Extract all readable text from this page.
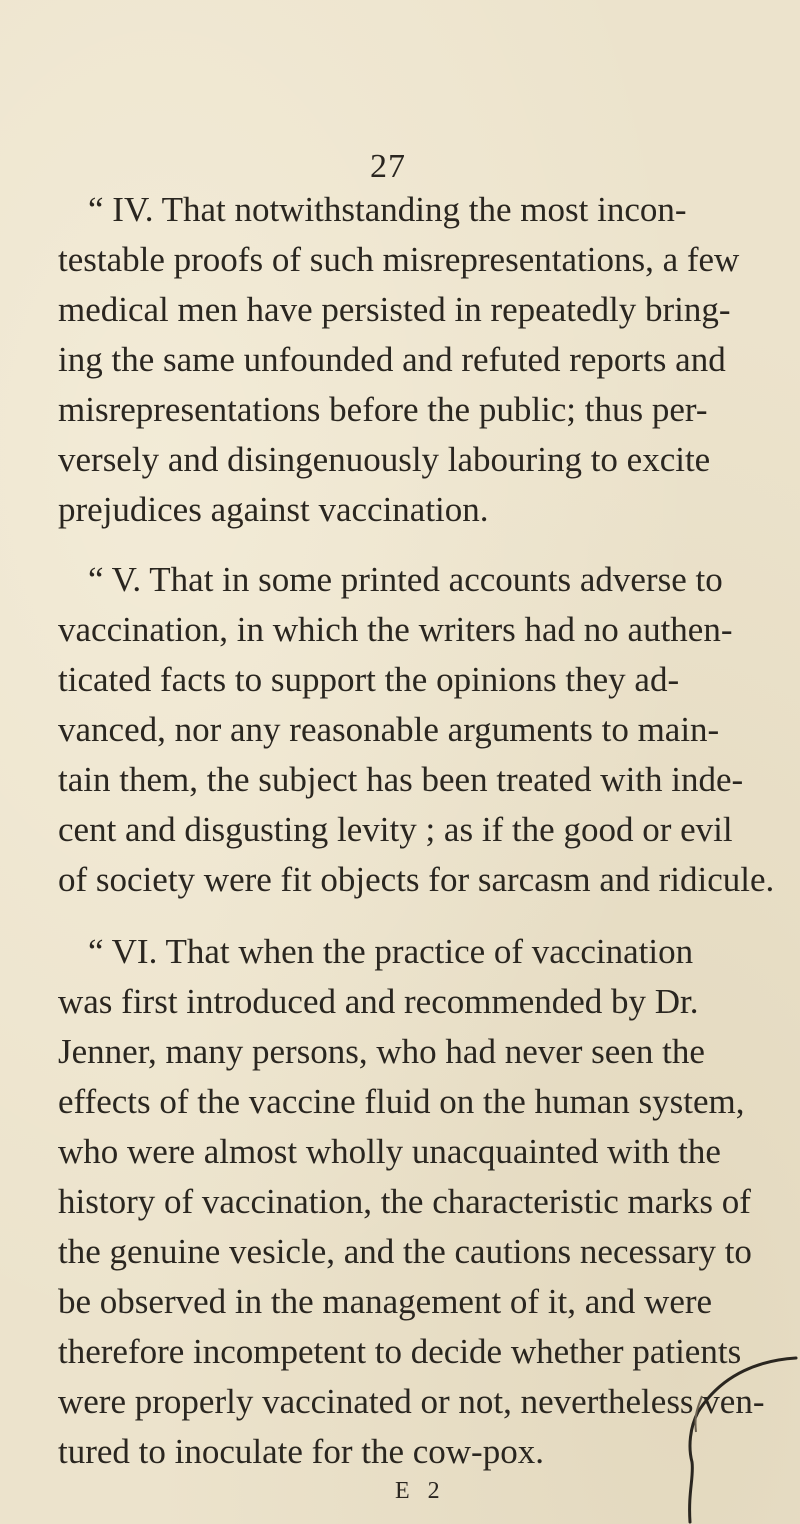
27

“ IV. That notwithstanding the most incon-

testable proofs of such misrepresentations, a few

medical men have persisted in repeatedly bring-

ing the same unfounded and refuted reports and

misrepresentations before the public; thus per-

versely and disingenuously labouring to excite

prejudices against vaccination.

“ V. That in some printed accounts adverse to

vaccination, in which the writers had no authen-

ticated facts to support the opinions they ad-

vanced, nor any reasonable arguments to main-

tain them, the subject has been treated with inde-

cent and disgusting levity ; as if the good or evil

of society were fit objects for sarcasm and ridicule.

“ VI. That when the practice of vaccination

was first introduced and recommended by Dr.

Jenner, many persons, who had never seen the

effects of the vaccine fluid on the human system,

who were almost wholly unacquainted with the

history of vaccination, the characteristic marks of

the genuine vesicle, and the cautions necessary to

be observed in the management of it, and were

therefore incompetent to decide whether patients

were properly vaccinated or not, nevertheless ven-

tured to inoculate for the cow-pox.

E 2
